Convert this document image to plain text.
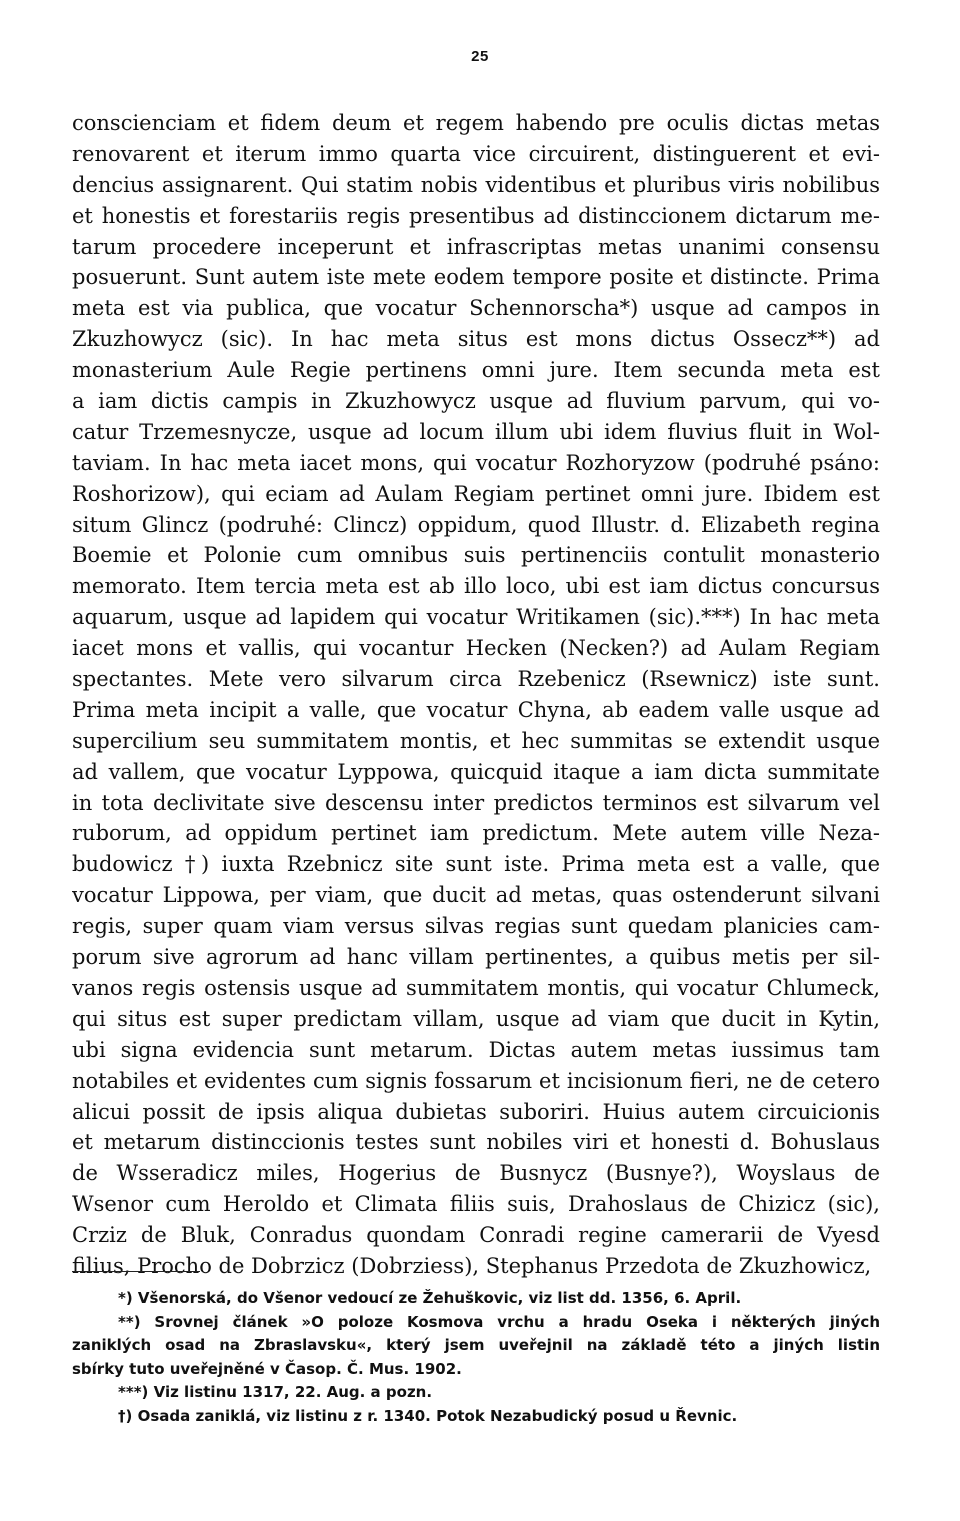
25
conscienciam et fidem deum et regem habendo pre oculis dictas metas
renovarent et iterum immo quarta vice circuirent, distinguerent et evi-
dencius assignarent. Qui statim nobis videntibus et pluribus viris nobilibus
et honestis et forestariis regis presentibus ad distinccionem dictarum me-
tarum procedere inceperunt et infrascriptas metas unanimi consensu
posuerunt. Sunt autem iste mete eodem tempore posite et distincte. Prima
meta est via publica, que vocatur Schennorscha*) usque ad campos in
Zkuzhowycz (sic). In hac meta situs est mons dictus Ossecz**) ad
monasterium Aule Regie pertinens omni jure. Item secunda meta est
a iam dictis campis in Zkuzhowycz usque ad fluvium parvum, qui vo-
catur Trzemesnycze, usque ad locum illum ubi idem fluvius fluit in Wol-
taviam. In hac meta iacet mons, qui vocatur Rozhoryzow (podruhé psáno:
Roshorizow), qui eciam ad Aulam Regiam pertinet omni jure. Ibidem est
situm Glincz (podruhé: Clincz) oppidum, quod Illustr. d. Elizabeth regina
Boemie et Polonie cum omnibus suis pertinenciis contulit monasterio
memorato. Item tercia meta est ab illo loco, ubi est iam dictus concursus
aquarum, usque ad lapidem qui vocatur Writikamen (sic).***) In hac meta
iacet mons et vallis, qui vocantur Hecken (Necken?) ad Aulam Regiam
spectantes. Mete vero silvarum circa Rzebenicz (Rsewnicz) iste sunt.
Prima meta incipit a valle, que vocatur Chyna, ab eadem valle usque ad
supercilium seu summitatem montis, et hec summitas se extendit usque
ad vallem, que vocatur Lyppowa, quicquid itaque a iam dicta summitate
in tota declivitate sive descensu inter predictos terminos est silvarum vel
ruborum, ad oppidum pertinet iam predictum. Mete autem ville Neza-
budowicz †) iuxta Rzebnicz site sunt iste. Prima meta est a valle, que
vocatur Lippowa, per viam, que ducit ad metas, quas ostenderunt silvani
regis, super quam viam versus silvas regias sunt quedam planicies cam-
porum sive agrorum ad hanc villam pertinentes, a quibus metis per sil-
vanos regis ostensis usque ad summitatem montis, qui vocatur Chlumeck,
qui situs est super predictam villam, usque ad viam que ducit in Kytin,
ubi signa evidencia sunt metarum. Dictas autem metas iussimus tam
notabiles et evidentes cum signis fossarum et incisionum fieri, ne de cetero
alicui possit de ipsis aliqua dubietas suboriri. Huius autem circuicionis
et metarum distinccionis testes sunt nobiles viri et honesti d. Bohuslaus
de Wsseradicz miles, Hogerius de Busnycz (Busnye?), Woyslaus de
Wsenor cum Heroldo et Climata filiis suis, Drahoslaus de Chizicz (sic),
Crziz de Bluk, Conradus quondam Conradi regine camerarii de Vyesd
filius, Procho de Dobrzicz (Dobrziess), Stephanus Przedota de Zkuzhowicz,
*) Všenorská, do Všenor vedoucí ze Žehuškovic, viz list dd. 1356, 6. April.
**) Srovnej článek »O poloze Kosmova vrchu a hradu Oseka i některých jiných
zaniklých osad na Zbraslavsku«, který jsem uveřejnil na základě této a jiných listin
sbírky tuto uveřejněné v Časop. Č. Mus. 1902.
***) Viz listinu 1317, 22. Aug. a pozn.
†) Osada zaniklá, viz listinu z r. 1340. Potok Nezabudický posud u Řevnic.
